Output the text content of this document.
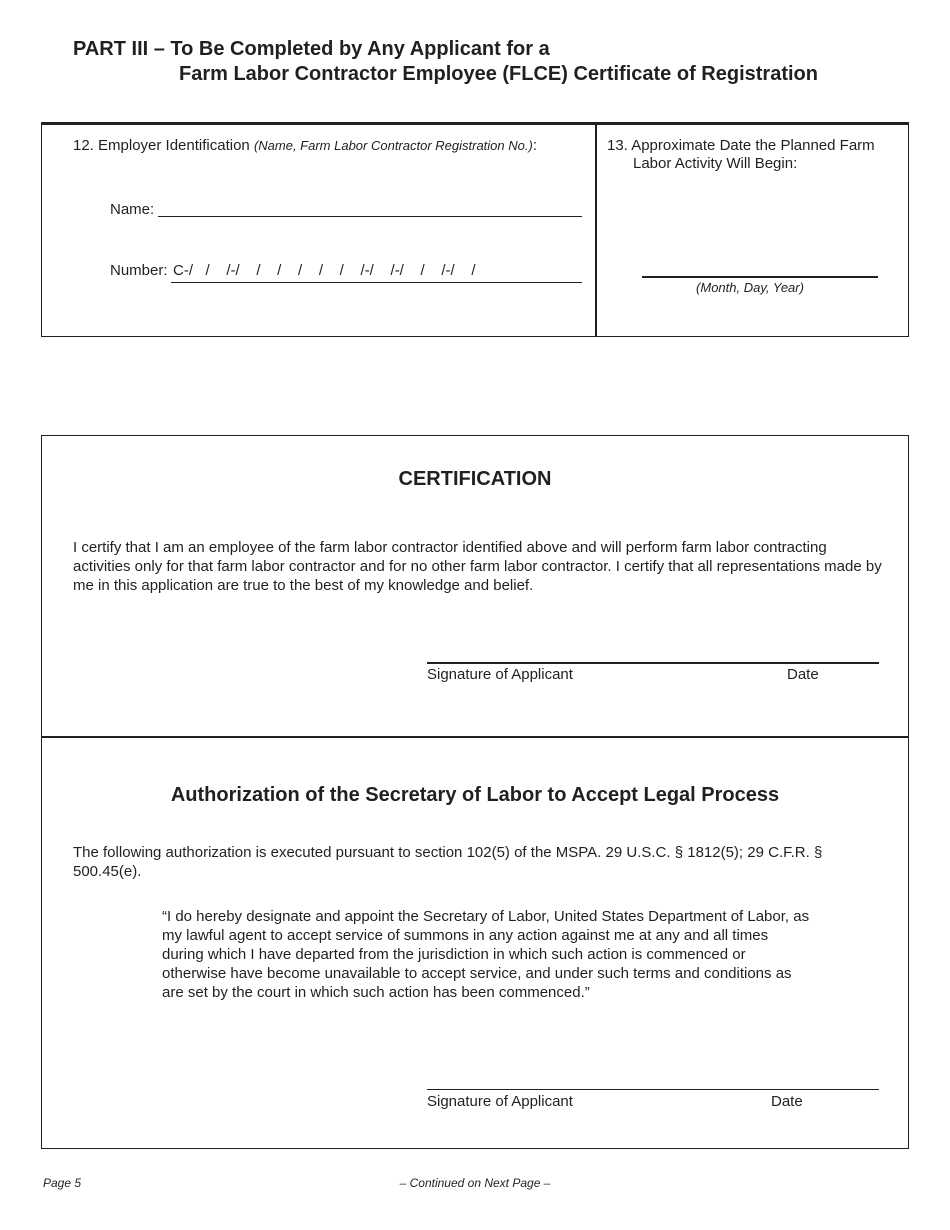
PART III – To Be Completed by Any Applicant for a
Farm Labor Contractor Employee (FLCE) Certificate of Registration
12. Employer Identification (Name, Farm Labor Contractor Registration No.):
Name:
Number: C-/   /    /-/    /    /    /    /    /    /-/    /-/    /    /-/    /
13. Approximate Date the Planned Farm
Labor Activity Will Begin:
(Month, Day, Year)
CERTIFICATION
I certify that I am an employee of the farm labor contractor identified above and will perform farm labor contracting activities only for that farm labor contractor and for no other farm labor contractor. I certify that all representations made by me in this application are true to the best of my knowledge and belief.
Signature of Applicant	Date
Authorization of the Secretary of Labor to Accept Legal Process
The following authorization is executed pursuant to section 102(5) of the MSPA. 29 U.S.C. § 1812(5); 29 C.F.R. § 500.45(e).
“I do hereby designate and appoint the Secretary of Labor, United States Department of Labor, as my lawful agent to accept service of summons in any action against me at any and all times during which I have departed from the jurisdiction in which such action is commenced or otherwise have become unavailable to accept service, and under such terms and conditions as are set by the court in which such action has been commenced.”
Signature of Applicant	Date
– Continued on Next Page –
Page 5
